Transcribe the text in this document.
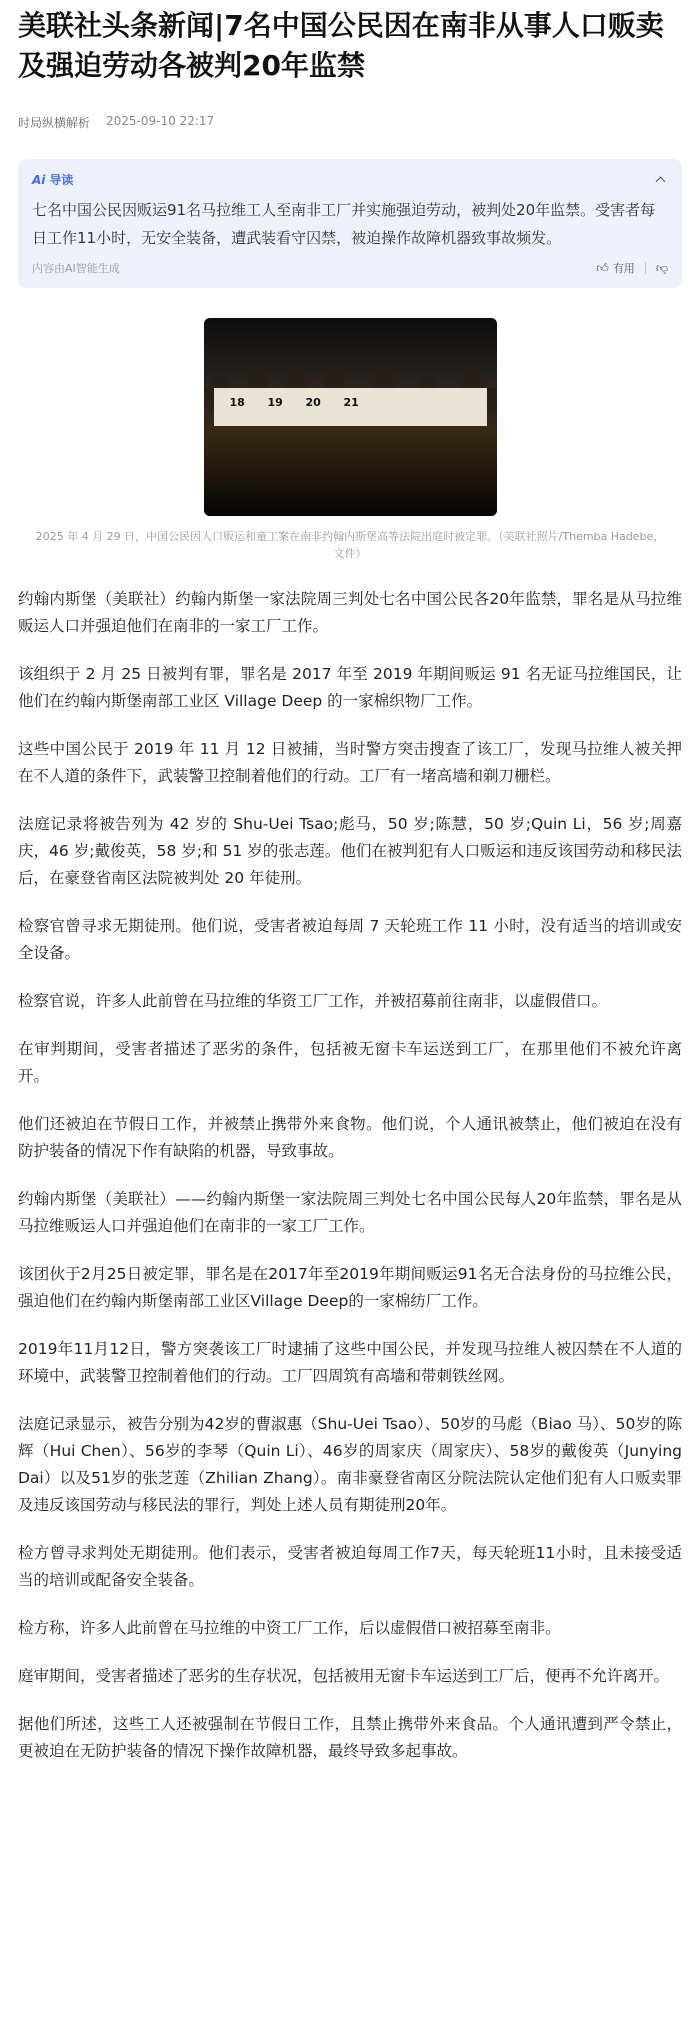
美联社头条新闻|7名中国公民因在南非从事人口贩卖及强迫劳动各被判20年监禁
时局纵横解析 2025-09-10 22:17
Ai 导读

七名中国公民因贩运91名马拉维工人至南非工厂并实施强迫劳动，被判处20年监禁。受害者每日工作11小时，无安全装备，遭武装看守囚禁，被迫操作故障机器致事故频发。

内容由AI智能生成	👍︎ 有用 👎︎
18 19 20 21

2025 年 4 月 29 日，中国公民因人口贩运和童工案在南非约翰内斯堡高等法院出庭时被定罪。（美联社照片/Themba Hadebe，文件）

约翰内斯堡（美联社）约翰内斯堡一家法院周三判处七名中国公民各20年监禁，罪名是从马拉维贩运人口并强迫他们在南非的一家工厂工作。

该组织于 2 月 25 日被判有罪，罪名是 2017 年至 2019 年期间贩运 91 名无证马拉维国民，让他们在约翰内斯堡南部工业区 Village Deep 的一家棉织物厂工作。

这些中国公民于 2019 年 11 月 12 日被捕，当时警方突击搜查了该工厂，发现马拉维人被关押在不人道的条件下，武装警卫控制着他们的行动。工厂有一堵高墙和剃刀栅栏。

法庭记录将被告列为 42 岁的 Shu-Uei Tsao;彪马，50 岁;陈慧，50 岁;Quin Li，56 岁;周嘉庆，46 岁;戴俊英，58 岁;和 51 岁的张志莲。他们在被判犯有人口贩运和违反该国劳动和移民法后，在豪登省南区法院被判处 20 年徒刑。

检察官曾寻求无期徒刑。他们说，受害者被迫每周 7 天轮班工作 11 小时，没有适当的培训或安全设备。

检察官说，许多人此前曾在马拉维的华资工厂工作，并被招募前往南非，以虚假借口。

在审判期间，受害者描述了恶劣的条件，包括被无窗卡车运送到工厂，在那里他们不被允许离开。

他们还被迫在节假日工作，并被禁止携带外来食物。他们说，个人通讯被禁止，他们被迫在没有防护装备的情况下作有缺陷的机器，导致事故。

约翰内斯堡（美联社）——约翰内斯堡一家法院周三判处七名中国公民每人20年监禁，罪名是从马拉维贩运人口并强迫他们在南非的一家工厂工作。

该团伙于2月25日被定罪，罪名是在2017年至2019年期间贩运91名无合法身份的马拉维公民，强迫他们在约翰内斯堡南部工业区Village Deep的一家棉纺厂工作。

2019年11月12日，警方突袭该工厂时逮捕了这些中国公民，并发现马拉维人被囚禁在不人道的环境中，武装警卫控制着他们的行动。工厂四周筑有高墙和带刺铁丝网。

法庭记录显示，被告分别为42岁的曹淑惠（Shu-Uei Tsao）、50岁的马彪（Biao 马）、50岁的陈辉（Hui Chen）、56岁的李琴（Quin Li）、46岁的周家庆（周家庆）、58岁的戴俊英（Junying Dai）以及51岁的张芝莲（Zhilian Zhang）。南非豪登省南区分院法院认定他们犯有人口贩卖罪及违反该国劳动与移民法的罪行，判处上述人员有期徒刑20年。

检方曾寻求判处无期徒刑。他们表示，受害者被迫每周工作7天，每天轮班11小时，且未接受适当的培训或配备安全装备。

检方称，许多人此前曾在马拉维的中资工厂工作，后以虚假借口被招募至南非。

庭审期间，受害者描述了恶劣的生存状况，包括被用无窗卡车运送到工厂后，便再不允许离开。

据他们所述，这些工人还被强制在节假日工作，且禁止携带外来食品。个人通讯遭到严令禁止，更被迫在无防护装备的情况下操作故障机器，最终导致多起事故。
